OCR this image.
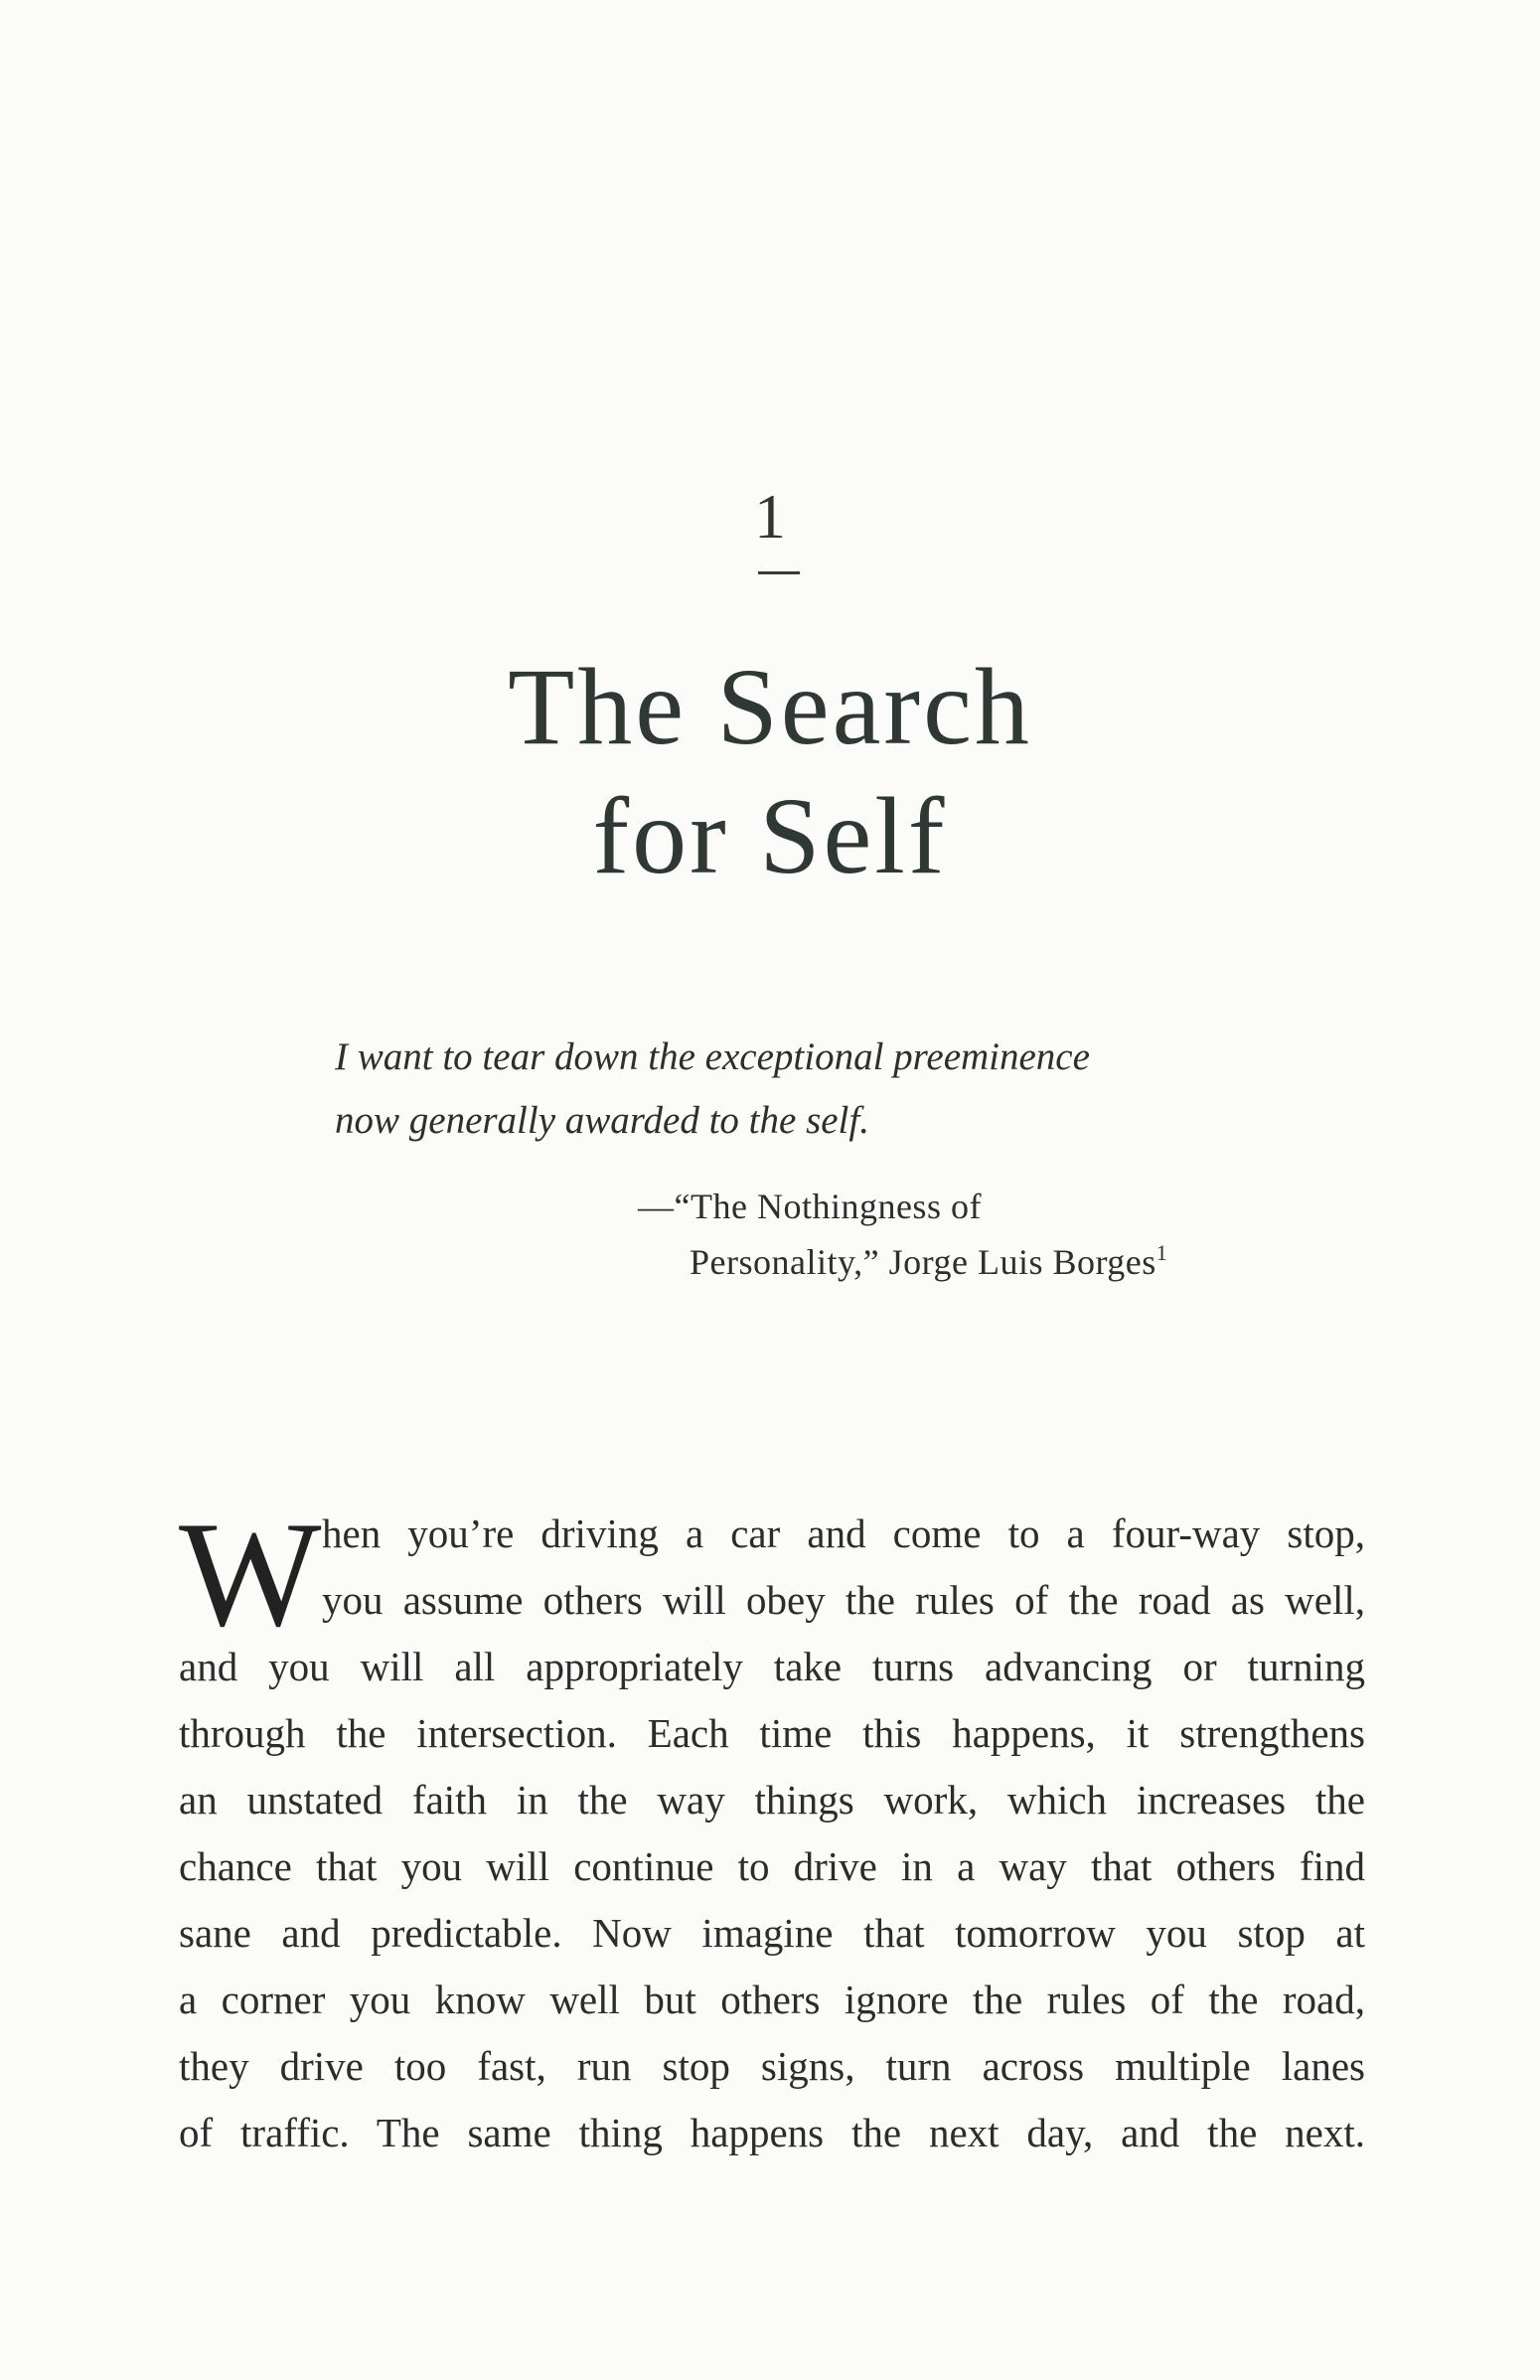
1
The Search
for Self
I want to tear down the exceptional preeminence
now generally awarded to the self.
—“The Nothingness of
Personality,” Jorge Luis Borges$^1$
W hen you’re driving a car and come to a four-way stop,
you assume others will obey the rules of the road as well,
and you will all appropriately take turns advancing or turning
through the intersection. Each time this happens, it strengthens
an unstated faith in the way things work, which increases the
chance that you will continue to drive in a way that others find
sane and predictable. Now imagine that tomorrow you stop at
a corner you know well but others ignore the rules of the road,
they drive too fast, run stop signs, turn across multiple lanes
of traffic. The same thing happens the next day, and the next.
